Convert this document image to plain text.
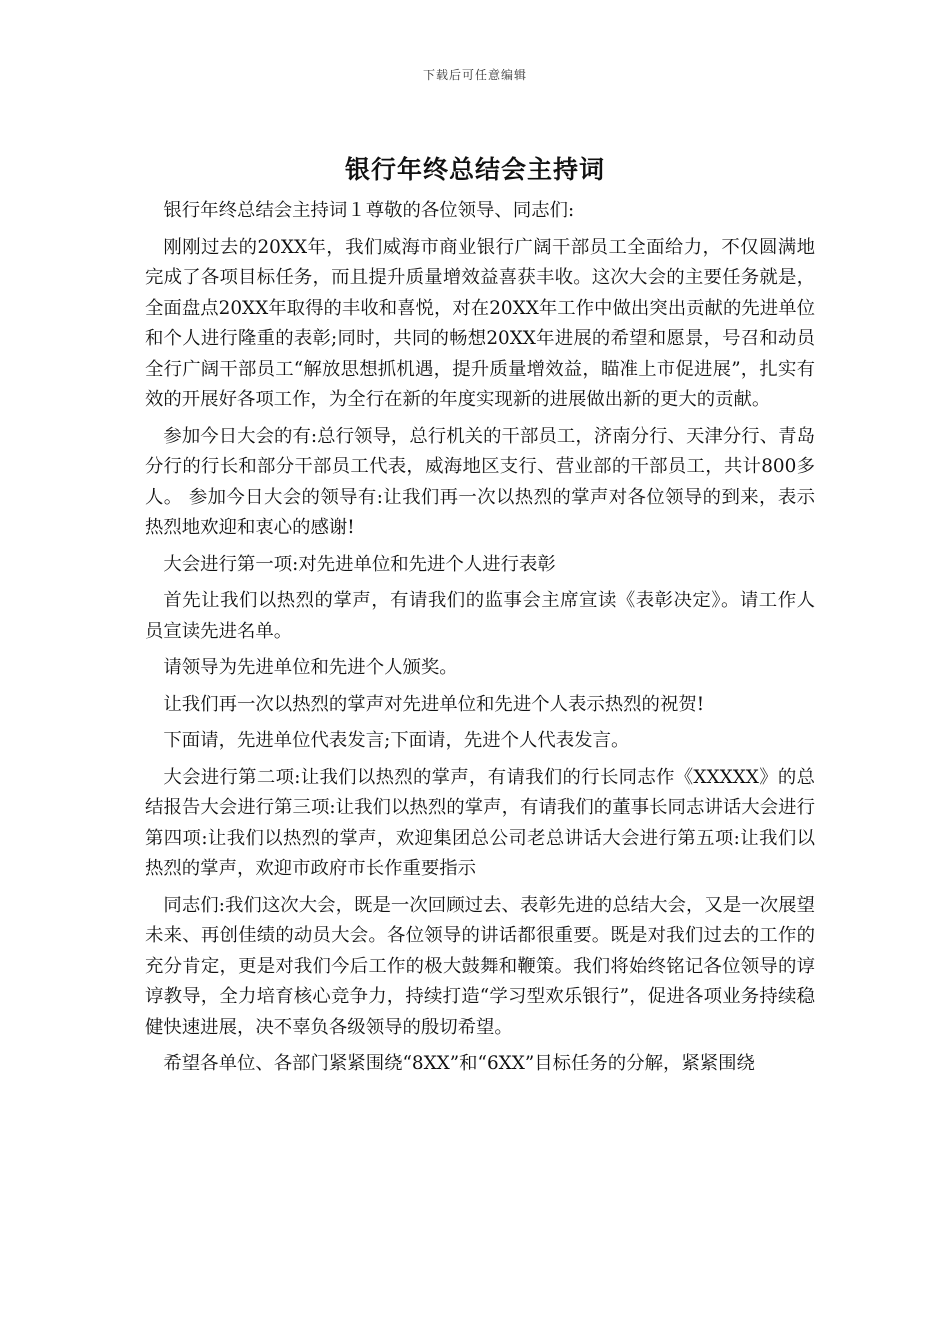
下载后可任意编辑
银行年终总结会主持词

银行年终总结会主持词１尊敬的各位领导、同志们:

刚刚过去的20XX年，我们威海市商业银行广阔干部员工全面给力，不仅圆满地完成了各项目标任务，而且提升质量增效益喜获丰收。这次大会的主要任务就是，全面盘点20XX年取得的丰收和喜悦，对在20XX年工作中做出突出贡献的先进单位和个人进行隆重的表彰;同时，共同的畅想20XX年进展的希望和愿景，号召和动员全行广阔干部员工“解放思想抓机遇，提升质量增效益，瞄准上市促进展”，扎实有效的开展好各项工作，为全行在新的年度实现新的进展做出新的更大的贡献。

参加今日大会的有:总行领导，总行机关的干部员工，济南分行、天津分行、青岛分行的行长和部分干部员工代表，威海地区支行、营业部的干部员工，共计800多人。 参加今日大会的领导有:让我们再一次以热烈的掌声对各位领导的到来，表示热烈地欢迎和衷心的感谢!

大会进行第一项:对先进单位和先进个人进行表彰

首先让我们以热烈的掌声，有请我们的监事会主席宣读《表彰决定》。请工作人员宣读先进名单。

请领导为先进单位和先进个人颁奖。

让我们再一次以热烈的掌声对先进单位和先进个人表示热烈的祝贺!

下面请，先进单位代表发言;下面请，先进个人代表发言。

大会进行第二项:让我们以热烈的掌声，有请我们的行长同志作《XXXXX》的总结报告大会进行第三项:让我们以热烈的掌声，有请我们的董事长同志讲话大会进行第四项:让我们以热烈的掌声，欢迎集团总公司老总讲话大会进行第五项:让我们以热烈的掌声，欢迎市政府市长作重要指示

同志们:我们这次大会，既是一次回顾过去、表彰先进的总结大会，又是一次展望未来、再创佳绩的动员大会。各位领导的讲话都很重要。既是对我们过去的工作的充分肯定，更是对我们今后工作的极大鼓舞和鞭策。我们将始终铭记各位领导的谆谆教导，全力培育核心竞争力，持续打造“学习型欢乐银行”，促进各项业务持续稳健快速进展，决不辜负各级领导的殷切希望。

希望各单位、各部门紧紧围绕“8XX”和“6XX”目标任务的分解，紧紧围绕
